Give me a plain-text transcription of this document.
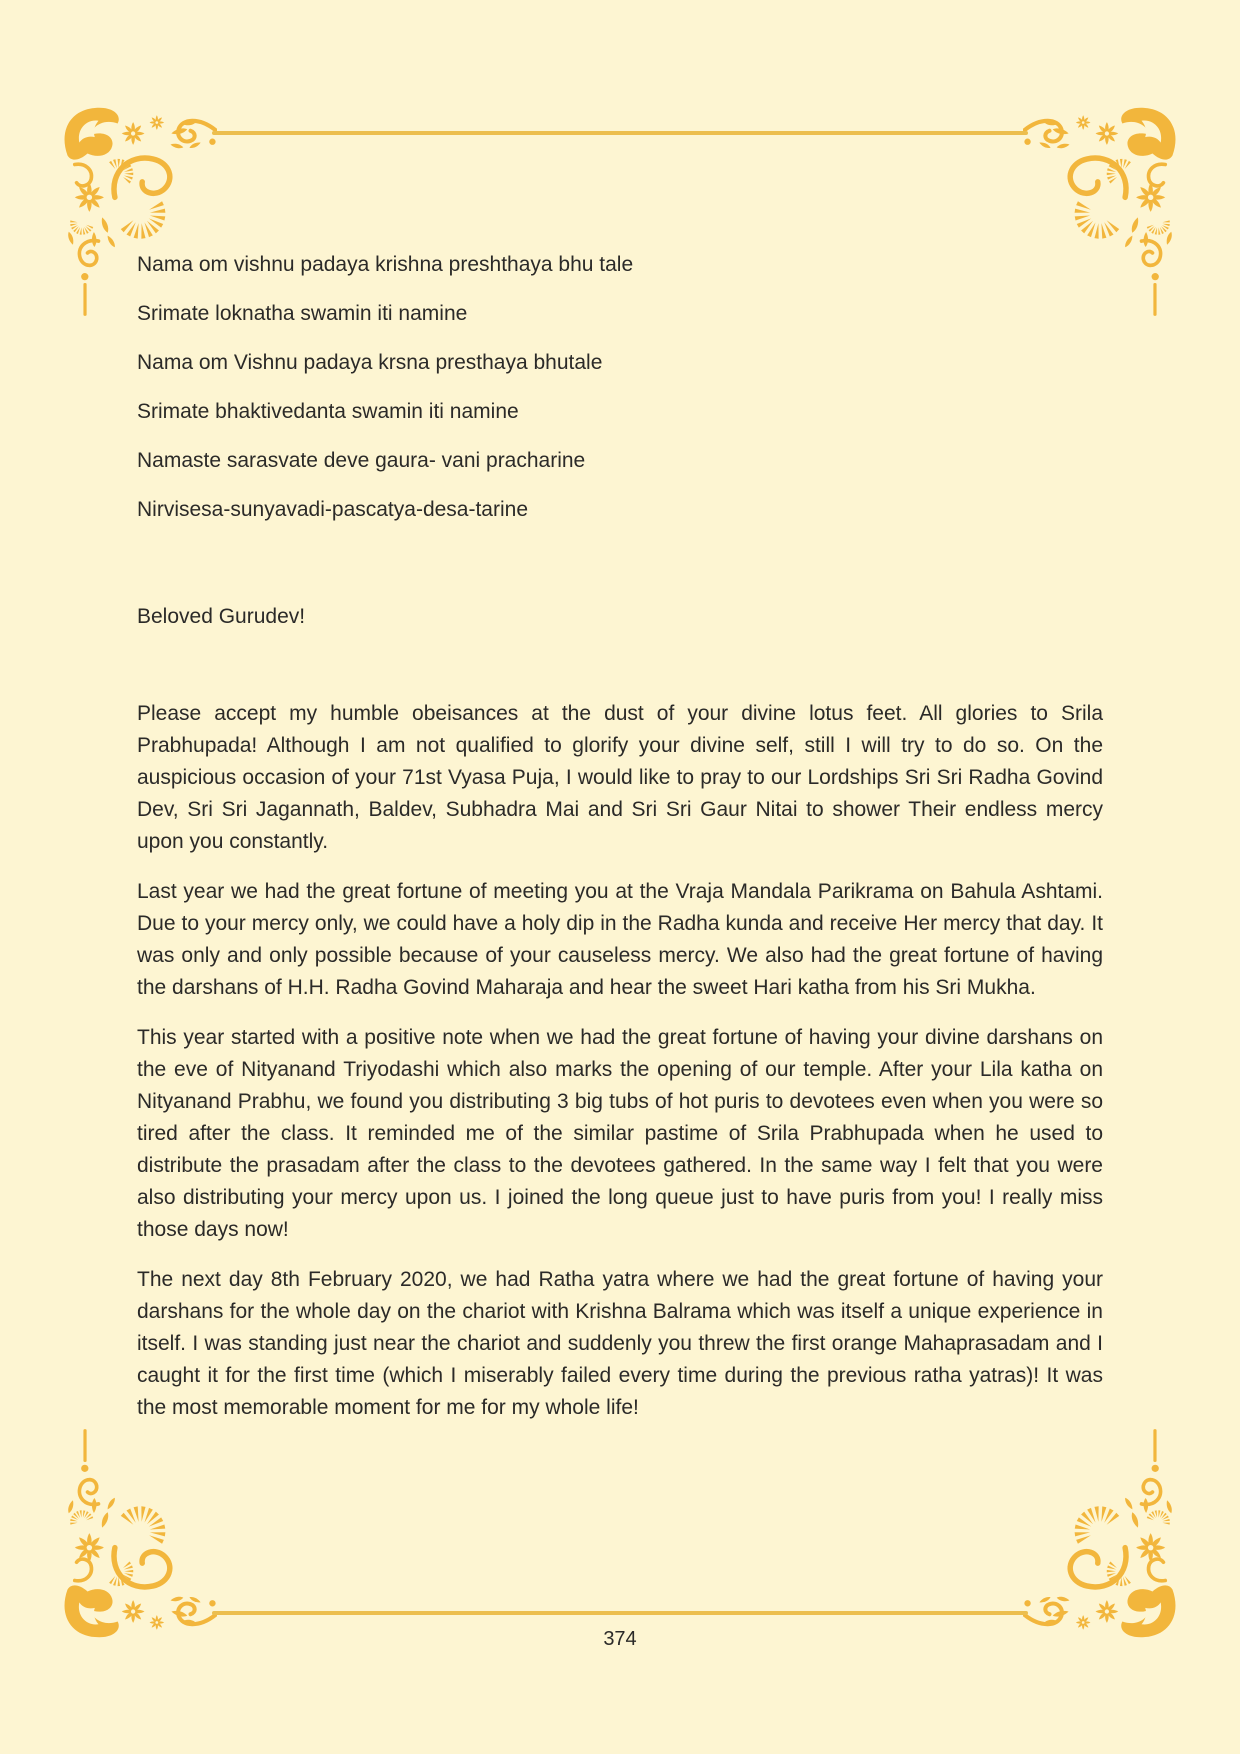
Nama om vishnu padaya krishna preshthaya bhu tale
Srimate loknatha swamin iti namine
Nama om Vishnu padaya krsna presthaya bhutale
Srimate bhaktivedanta swamin iti namine
Namaste sarasvate deve gaura- vani pracharine
Nirvisesa-sunyavadi-pascatya-desa-tarine
Beloved Gurudev!

Please accept my humble obeisances at the dust of your divine lotus feet. All glories to Srila Prabhupada! Although I am not qualified to glorify your divine self, still I will try to do so. On the auspicious occasion of your 71st Vyasa Puja, I would like to pray to our Lordships Sri Sri Radha Govind Dev, Sri Sri Jagannath, Baldev, Subhadra Mai and Sri Sri Gaur Nitai to shower Their endless mercy upon you constantly.

Last year we had the great fortune of meeting you at the Vraja Mandala Parikrama on Bahula Ashtami. Due to your mercy only, we could have a holy dip in the Radha kunda and receive Her mercy that day. It was only and only possible because of your causeless mercy. We also had the great fortune of having the darshans of H.H. Radha Govind Maharaja and hear the sweet Hari katha from his Sri Mukha.

This year started with a positive note when we had the great fortune of having your divine darshans on the eve of Nityanand Triyodashi which also marks the opening of our temple. After your Lila katha on Nityanand Prabhu, we found you distributing 3 big tubs of hot puris to devotees even when you were so tired after the class. It reminded me of the similar pastime of Srila Prabhupada when he used to distribute the prasadam after the class to the devotees gathered. In the same way I felt that you were also distributing your mercy upon us. I joined the long queue just to have puris from you! I really miss those days now!

The next day 8th February 2020, we had Ratha yatra where we had the great fortune of having your darshans for the whole day on the chariot with Krishna Balrama which was itself a unique experience in itself. I was standing just near the chariot and suddenly you threw the first orange Mahaprasadam and I caught it for the first time (which I miserably failed every time during the previous ratha yatras)! It was the most memorable moment for me for my whole life!

374
